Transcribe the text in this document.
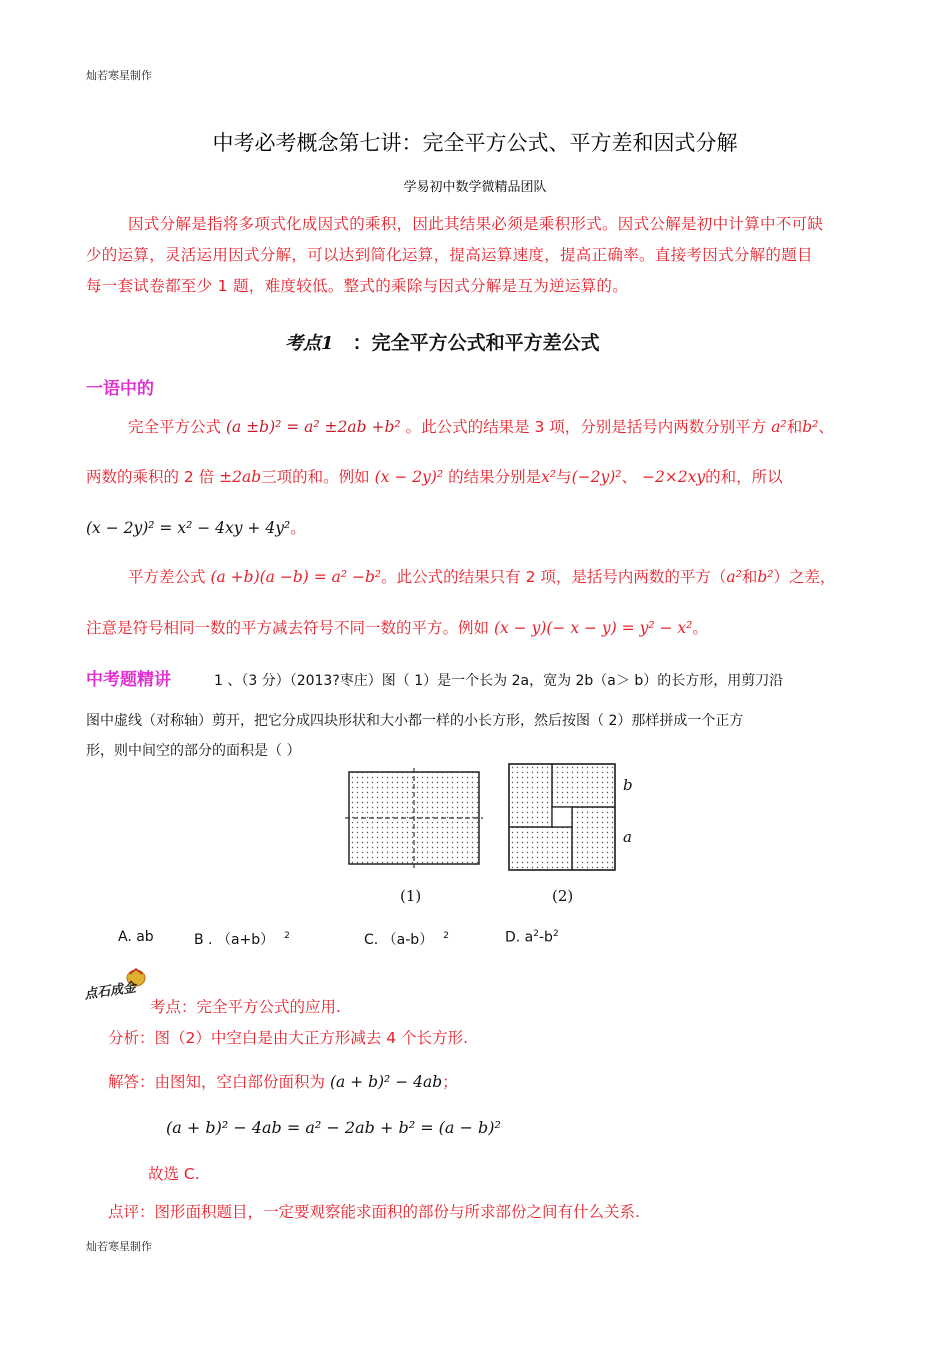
灿若寒星制作
灿若寒星制作
中考必考概念第七讲：完全平方公式、平方差和因式分解
学易初中数学微精品团队
因式分解是指将多项式化成因式的乘积，因此其结果必须是乘积形式。因式公解是初中计算中不可缺
少的运算，灵活运用因式分解，可以达到简化运算，提高运算速度，提高正确率。直接考因式分解的题目
每一套试卷都至少 1 题，难度较低。整式的乘除与因式分解是互为逆运算的。
考点1 ：完全平方公式和平方差公式
一语中的
完全平方公式 (a ±b)² = a² ±2ab +b² 。此公式的结果是 3 项，分别是括号内两数分别平方 a²和b²、
两数的乘积的 2 倍 ±2ab三项的和。例如 (x − 2y)² 的结果分别是x²与(−2y)²、 −2×2xy的和，所以
(x − 2y)² = x² − 4xy + 4y²。
平方差公式 (a +b)(a −b) = a² −b²。此公式的结果只有 2 项，是括号内两数的平方（a²和b²）之差，
注意是符号相同一数的平方减去符号不同一数的平方。例如 (x − y)(− x − y) = y² − x²。
中考题精讲	1 、（3 分）（2013?枣庄）图（ 1）是一个长为 2a，宽为 2b（a＞ b）的长方形，用剪刀沿
图中虚线（对称轴）剪开，把它分成四块形状和大小都一样的小长方形，然后按图（ 2）那样拼成一个正方
形，则中间空的部分的面积是（ ）
b
a
(1)	(2)
A. ab	B . （a+b） $^2$	C. （a-b） $^2$	D. $a^2-b^2$
点石成金
考点：完全平方公式的应用.
分析：图（2）中空白是由大正方形减去 4 个长方形.
解答：由图知，空白部份面积为 (a + b)² − 4ab；
(a + b)² − 4ab = a² − 2ab + b² = (a − b)²
故选 C.
点评：图形面积题目，一定要观察能求面积的部份与所求部份之间有什么关系.
